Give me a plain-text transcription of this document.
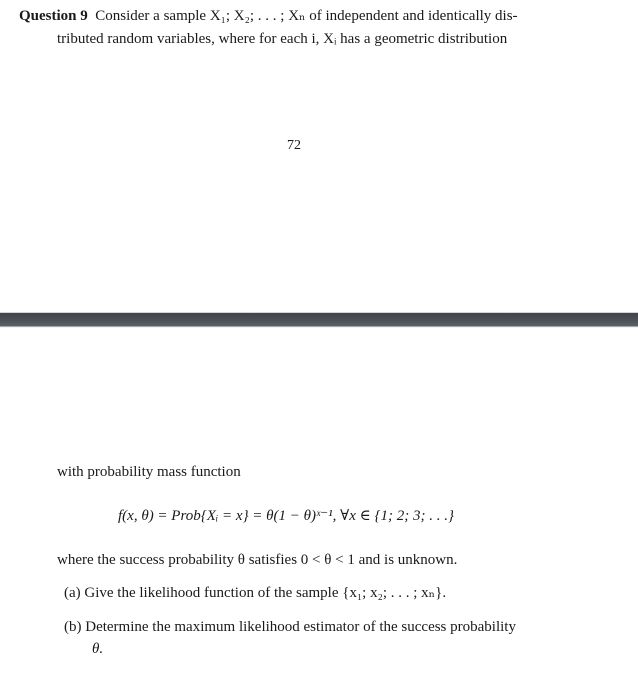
Question 9 Consider a sample X₁; X₂; . . . ; Xₙ of independent and identically dis-
tributed random variables, where for each i, Xᵢ has a geometric distribution
72
with probability mass function
f(x, θ) = Prob{Xᵢ = x} = θ(1 − θ)ˣ⁻¹, ∀x ∈ {1; 2; 3; . . .}
where the success probability θ satisfies 0 < θ < 1 and is unknown.
(a) Give the likelihood function of the sample {x₁; x₂; . . . ; xₙ}.
(b) Determine the maximum likelihood estimator of the success probability
θ.
